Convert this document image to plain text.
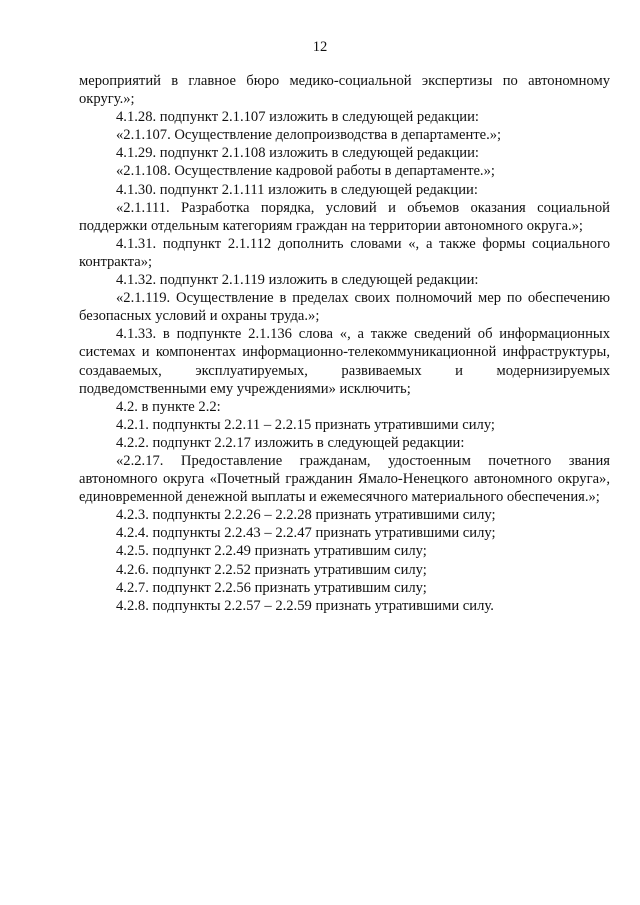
12

мероприятий в главное бюро медико-социальной экспертизы по автономному округу.»;

4.1.28. подпункт 2.1.107 изложить в следующей редакции:

«2.1.107. Осуществление делопроизводства в департаменте.»;

4.1.29. подпункт 2.1.108 изложить в следующей редакции:

«2.1.108. Осуществление кадровой работы в департаменте.»;

4.1.30. подпункт 2.1.111 изложить в следующей редакции:

«2.1.111. Разработка порядка, условий и объемов оказания социальной поддержки отдельным категориям граждан на территории автономного округа.»;

4.1.31. подпункт 2.1.112 дополнить словами «, а также формы социального контракта»;

4.1.32. подпункт 2.1.119 изложить в следующей редакции:

«2.1.119. Осуществление в пределах своих полномочий мер по обеспечению безопасных условий и охраны труда.»;

4.1.33. в подпункте 2.1.136 слова «, а также сведений об информационных системах и компонентах информационно-телекоммуникационной инфраструктуры, создаваемых, эксплуатируемых, развиваемых и модернизируемых подведомственными ему учреждениями» исключить;

4.2. в пункте 2.2:

4.2.1. подпункты 2.2.11 – 2.2.15 признать утратившими силу;

4.2.2. подпункт 2.2.17 изложить в следующей редакции:

«2.2.17. Предоставление гражданам, удостоенным почетного звания автономного округа «Почетный гражданин Ямало-Ненецкого автономного округа», единовременной денежной выплаты и ежемесячного материального обеспечения.»;

4.2.3. подпункты 2.2.26 – 2.2.28 признать утратившими силу;

4.2.4. подпункты 2.2.43 – 2.2.47 признать утратившими силу;

4.2.5. подпункт 2.2.49 признать утратившим силу;

4.2.6. подпункт 2.2.52 признать утратившим силу;

4.2.7. подпункт 2.2.56 признать утратившим силу;

4.2.8. подпункты 2.2.57 – 2.2.59 признать утратившими силу.
